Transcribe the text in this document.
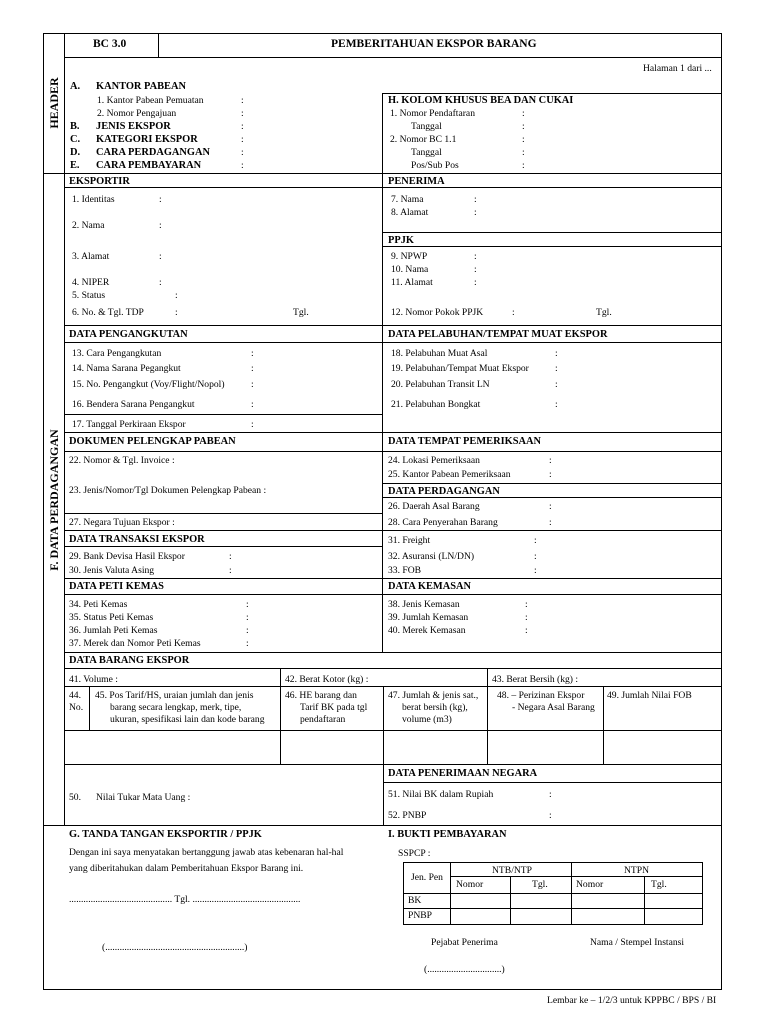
HEADER
F. DATA PERDAGANGAN
BC 3.0	PEMBERITAHUAN EKSPOR BARANG
Halaman 1 dari ...
A. KANTOR PABEAN
1. Kantor Pabean Pemuatan	:
2. Nomor Pengajuan	:
B. JENIS EKSPOR	:
C. KATEGORI EKSPOR	:
D. CARA PERDAGANGAN	:
E. CARA PEMBAYARAN	:
H. KOLOM KHUSUS BEA DAN CUKAI
1. Nomor Pendaftaran	:
Tanggal	:
2. Nomor BC 1.1	:
Tanggal	:
Pos/Sub Pos	:
EKSPORTIR
1. Identitas	:
2. Nama	:
3. Alamat	:
4. NIPER	:
5. Status	:
6. No. & Tgl. TDP	:	Tgl.
PENERIMA
7. Nama	:
8. Alamat	:
PPJK
9. NPWP	:
10. Nama	:
11. Alamat	:
12. Nomor Pokok PPJK	:	Tgl.
DATA PENGANGKUTAN
13. Cara Pengangkutan	:
14. Nama Sarana Pegangkut	:
15. No. Pengangkut (Voy/Flight/Nopol)	:
16. Bendera Sarana Pengangkut	:
17. Tanggal Perkiraan Ekspor	:
DATA PELABUHAN/TEMPAT MUAT EKSPOR
18. Pelabuhan Muat Asal	:
19. Pelabuhan/Tempat Muat Ekspor	:
20. Pelabuhan Transit LN	:
21. Pelabuhan Bongkat	:
DOKUMEN PELENGKAP PABEAN
22. Nomor & Tgl. Invoice :
23. Jenis/Nomor/Tgl Dokumen Pelengkap Pabean :
27. Negara Tujuan Ekspor :
DATA TEMPAT PEMERIKSAAN
24. Lokasi Pemeriksaan	:
25. Kantor Pabean Pemeriksaan	:
DATA PERDAGANGAN
26. Daerah Asal Barang	:
28. Cara Penyerahan Barang	:
DATA TRANSAKSI EKSPOR
29. Bank Devisa Hasil Ekspor	:
30. Jenis Valuta Asing	:
31. Freight	:
32. Asuransi (LN/DN)	:
33. FOB	:
DATA PETI KEMAS
34. Peti Kemas	:
35. Status Peti Kemas	:
36. Jumlah Peti Kemas	:
37. Merek dan Nomor Peti Kemas	:
DATA KEMASAN
38. Jenis Kemasan	:
39. Jumlah Kemasan	:
40. Merek Kemasan	:
DATA BARANG EKSPOR
41. Volume :	42. Berat Kotor (kg) :	43. Berat Bersih (kg) :
44.
No.
45. Pos Tarif/HS, uraian jumlah dan jenis
barang secara lengkap, merk, tipe,
ukuran, spesifikasi lain dan kode barang
46. HE barang dan
Tarif BK pada tgl
pendaftaran
47. Jumlah & jenis sat.,
berat bersih (kg),
volume (m3)
48. – Perizinan Ekspor
- Negara Asal Barang
49. Jumlah Nilai FOB
50. Nilai Tukar Mata Uang :
DATA PENERIMAAN NEGARA
51. Nilai BK dalam Rupiah	:
52. PNBP	:
G. TANDA TANGAN EKSPORTIR / PPJK
Dengan ini saya menyatakan bertanggung jawab atas kebenaran hal-hal
yang diberitahukan dalam Pemberitahuan Ekspor Barang ini.
........................................... Tgl. .............................................
(..........................................................)
I. BUKTI PEMBAYARAN
SSPCP :
Jen. Pen
NTB/NTP	NTPN
Nomor	Tgl.	Nomor	Tgl.
BK
PNBP
Pejabat Penerima	Nama / Stempel Instansi
(...............................)
Lembar ke – 1/2/3 untuk KPPBC / BPS / BI
